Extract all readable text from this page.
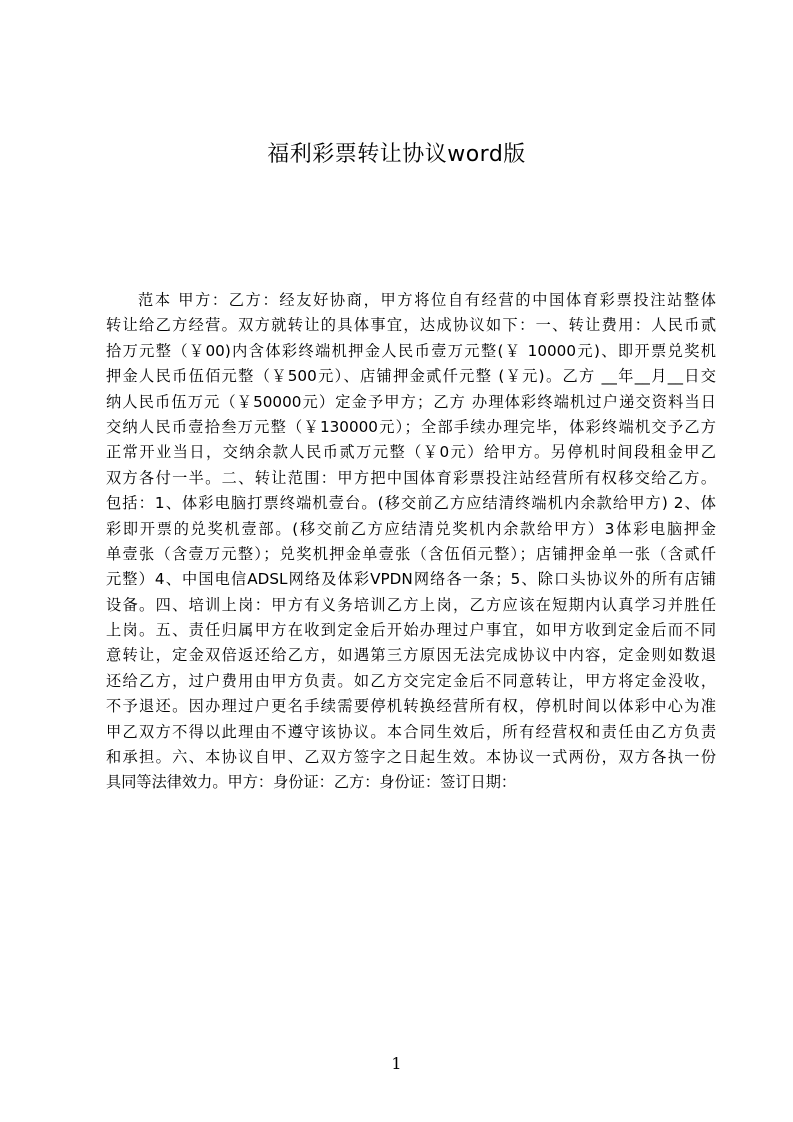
福利彩票转让协议word版
范本 甲方：乙方：经友好协商，甲方将位自有经营的中国体育彩票投注站整体
转让给乙方经营。双方就转让的具体事宜，达成协议如下：一、转让费用：人民币贰
拾万元整（￥00)内含体彩终端机押金人民币壹万元整(￥ 10000元)、即开票兑奖机
押金人民币伍佰元整（￥500元）、店铺押金贰仟元整 (￥元)。乙方 __年__月__日交
纳人民币伍万元（￥50000元）定金予甲方；乙方 办理体彩终端机过户递交资料当日
交纳人民币壹拾叁万元整（￥130000元）；全部手续办理完毕，体彩终端机交予乙方
正常开业当日，交纳余款人民币贰万元整（￥0元）给甲方。另停机时间段租金甲乙
双方各付一半。二、转让范围：甲方把中国体育彩票投注站经营所有权移交给乙方。
包括：1、体彩电脑打票终端机壹台。(移交前乙方应结清终端机内余款给甲方) 2、体
彩即开票的兑奖机壹部。(移交前乙方应结清兑奖机内余款给甲方）3体彩电脑押金
单壹张（含壹万元整）；兑奖机押金单壹张（含伍佰元整）；店铺押金单一张（含贰仟
元整）4、中国电信ADSL网络及体彩VPDN网络各一条；5、除口头协议外的所有店铺
设备。四、培训上岗：甲方有义务培训乙方上岗，乙方应该在短期内认真学习并胜任
上岗。五、责任归属甲方在收到定金后开始办理过户事宜，如甲方收到定金后而不同
意转让，定金双倍返还给乙方，如遇第三方原因无法完成协议中内容，定金则如数退
还给乙方，过户费用由甲方负责。如乙方交完定金后不同意转让，甲方将定金没收，
不予退还。因办理过户更名手续需要停机转换经营所有权，停机时间以体彩中心为准
甲乙双方不得以此理由不遵守该协议。本合同生效后，所有经营权和责任由乙方负责
和承担。六、本协议自甲、乙双方签字之日起生效。本协议一式两份，双方各执一份
具同等法律效力。甲方：身份证：乙方：身份证：签订日期：
1
